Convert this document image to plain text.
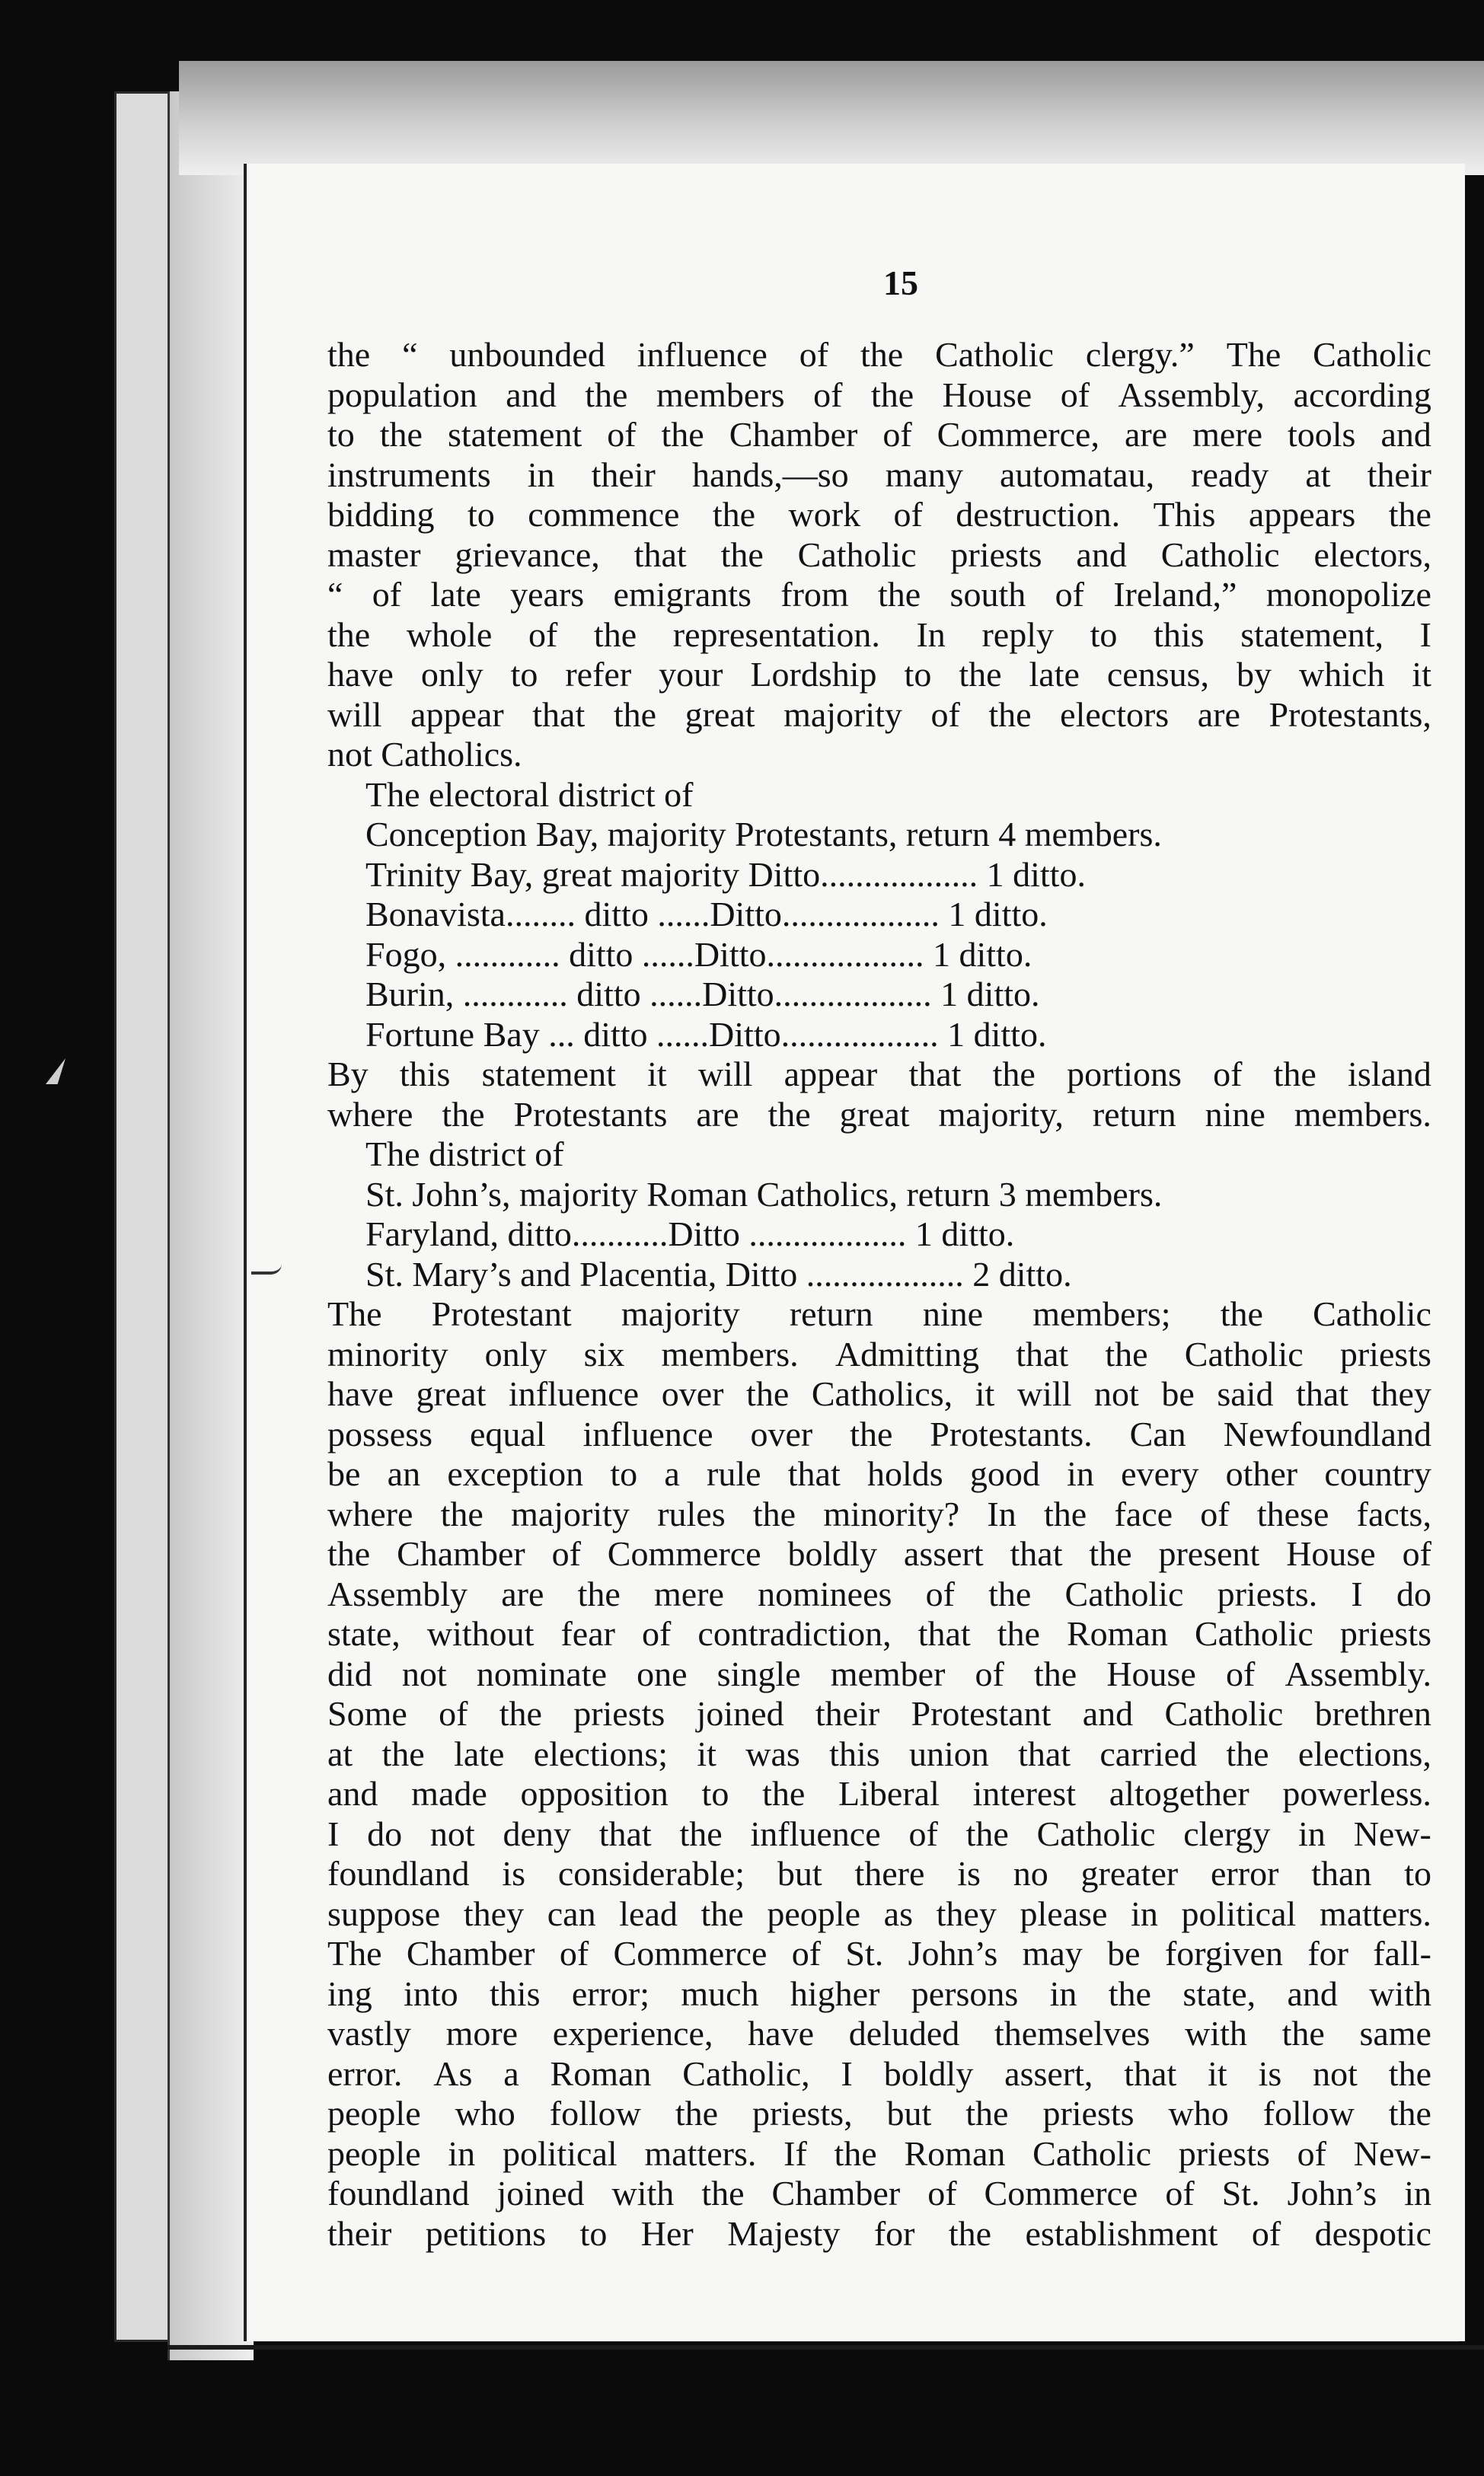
15
the “ unbounded influence of the Catholic clergy.” The Catholic
population and the members of the House of Assembly, according
to the statement of the Chamber of Commerce, are mere tools and
instruments in their hands,—so many automatau, ready at their
bidding to commence the work of destruction. This appears the
master grievance, that the Catholic priests and Catholic electors,
“ of late years emigrants from the south of Ireland,” monopolize
the whole of the representation. In reply to this statement, I
have only to refer your Lordship to the late census, by which it
will appear that the great majority of the electors are Protestants,
not Catholics.
The electoral district of
Conception Bay, majority Protestants, return 4 members.
Trinity Bay, great majority Ditto.................. 1 ditto.
Bonavista........ ditto ......Ditto.................. 1 ditto.
Fogo, ............ ditto ......Ditto.................. 1 ditto.
Burin, ............ ditto ......Ditto.................. 1 ditto.
Fortune Bay ... ditto ......Ditto.................. 1 ditto.
By this statement it will appear that the portions of the island
where the Protestants are the great majority, return nine members.
The district of
St. John’s, majority Roman Catholics, return 3 members.
Faryland, ditto...........Ditto .................. 1 ditto.
St. Mary’s and Placentia, Ditto .................. 2 ditto.
The Protestant majority return nine members; the Catholic
minority only six members. Admitting that the Catholic priests
have great influence over the Catholics, it will not be said that they
possess equal influence over the Protestants. Can Newfoundland
be an exception to a rule that holds good in every other country
where the majority rules the minority? In the face of these facts,
the Chamber of Commerce boldly assert that the present House of
Assembly are the mere nominees of the Catholic priests. I do
state, without fear of contradiction, that the Roman Catholic priests
did not nominate one single member of the House of Assembly.
Some of the priests joined their Protestant and Catholic brethren
at the late elections; it was this union that carried the elections,
and made opposition to the Liberal interest altogether powerless.
I do not deny that the influence of the Catholic clergy in New-
foundland is considerable; but there is no greater error than to
suppose they can lead the people as they please in political matters.
The Chamber of Commerce of St. John’s may be forgiven for fall-
ing into this error; much higher persons in the state, and with
vastly more experience, have deluded themselves with the same
error. As a Roman Catholic, I boldly assert, that it is not the
people who follow the priests, but the priests who follow the
people in political matters. If the Roman Catholic priests of New-
foundland joined with the Chamber of Commerce of St. John’s in
their petitions to Her Majesty for the establishment of despotic
